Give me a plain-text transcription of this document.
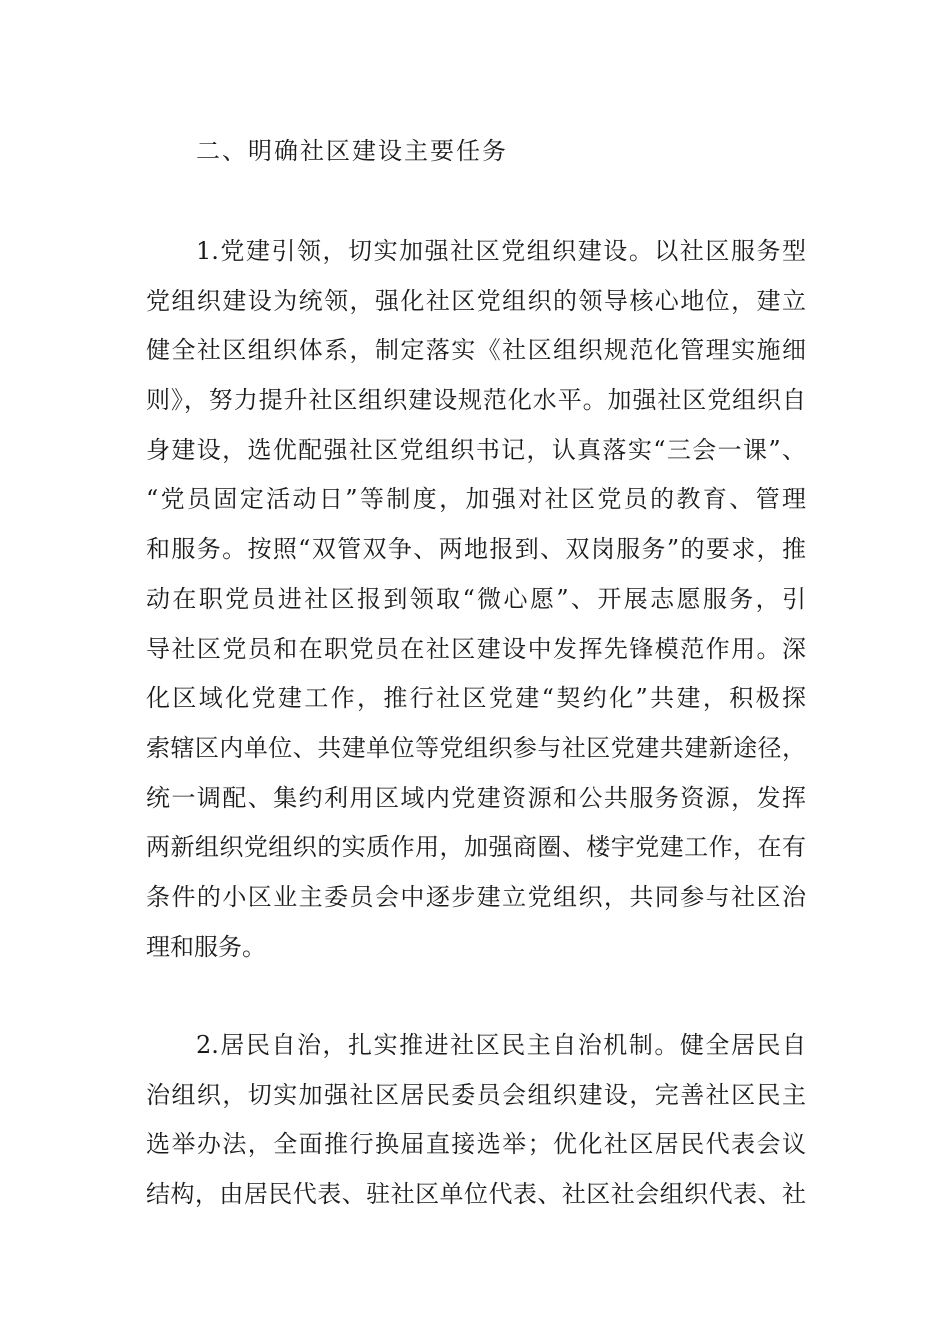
二、明确社区建设主要任务
1.党建引领，切实加强社区党组织建设。以社区服务型
党组织建设为统领，强化社区党组织的领导核心地位，建立
健全社区组织体系，制定落实《社区组织规范化管理实施细
则》，努力提升社区组织建设规范化水平。加强社区党组织自
身建设，选优配强社区党组织书记，认真落实“三会一课”、
“党员固定活动日”等制度，加强对社区党员的教育、管理
和服务。按照“双管双争、两地报到、双岗服务”的要求，推
动在职党员进社区报到领取“微心愿”、开展志愿服务，引
导社区党员和在职党员在社区建设中发挥先锋模范作用。深
化区域化党建工作，推行社区党建“契约化”共建，积极探
索辖区内单位、共建单位等党组织参与社区党建共建新途径，
统一调配、集约利用区域内党建资源和公共服务资源，发挥
两新组织党组织的实质作用，加强商圈、楼宇党建工作，在有
条件的小区业主委员会中逐步建立党组织，共同参与社区治
理和服务。
2.居民自治，扎实推进社区民主自治机制。健全居民自
治组织，切实加强社区居民委员会组织建设，完善社区民主
选举办法，全面推行换届直接选举；优化社区居民代表会议
结构，由居民代表、驻社区单位代表、社区社会组织代表、社
